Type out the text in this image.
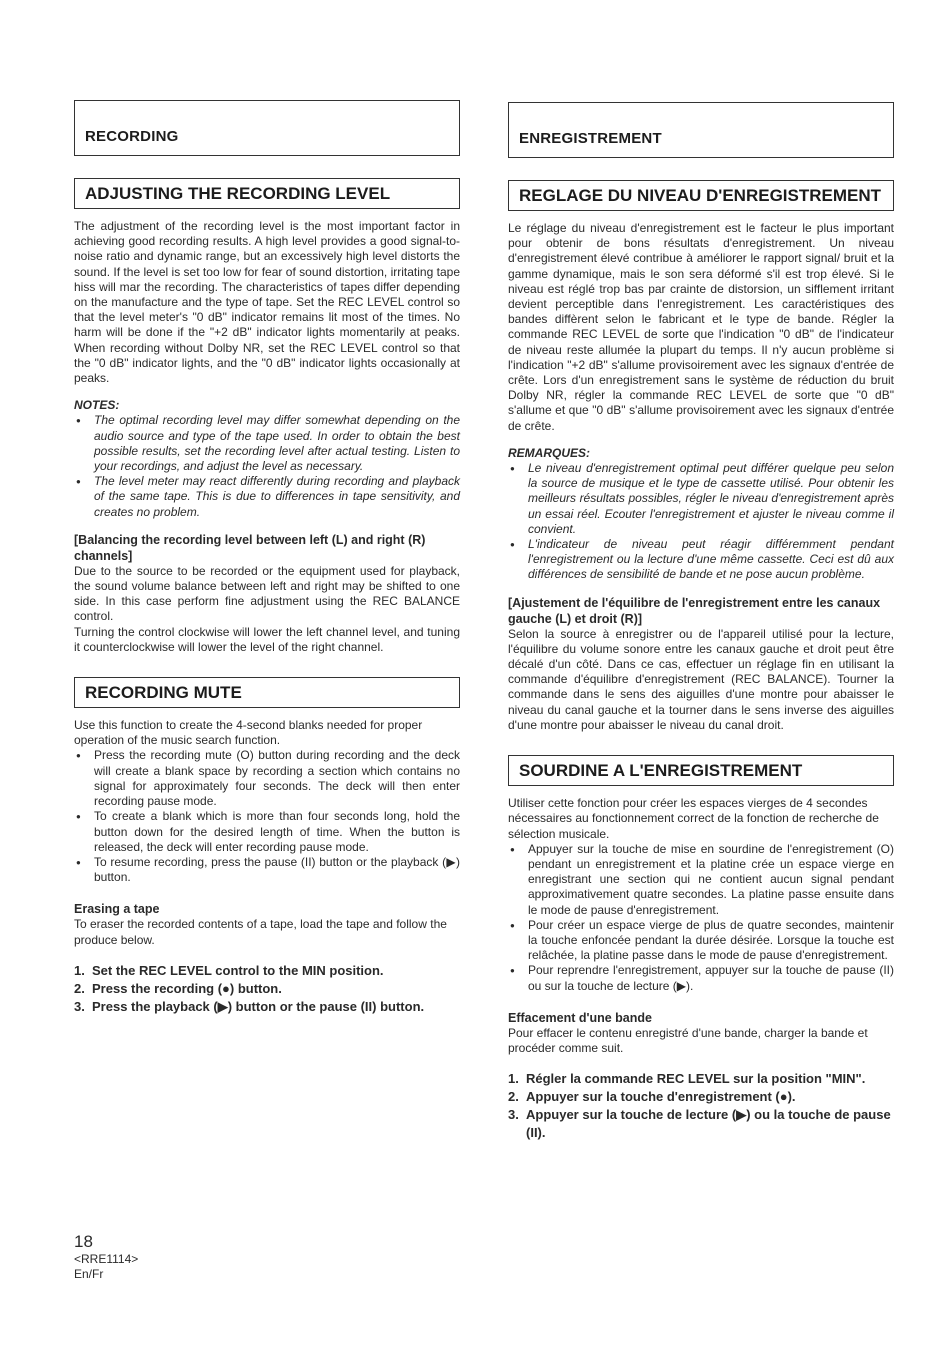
RECORDING
ADJUSTING THE RECORDING LEVEL

The adjustment of the recording level is the most important factor in achieving good recording results. A high level provides a good signal-to-noise ratio and dynamic range, but an excessively high level distorts the sound. If the level is set too low for fear of sound distortion, irritating tape hiss will mar the recording. The characteristics of tapes differ depending on the manufacture and the type of tape. Set the REC LEVEL control so that the level meter's "0 dB" indicator remains lit most of the times. No harm will be done if the "+2 dB" indicator lights momentarily at peaks. When recording without Dolby NR, set the REC LEVEL control so that the "0 dB" indicator lights, and the "0 dB" indicator lights occasionally at peaks.

NOTES:

● The optimal recording level may differ somewhat depending on the audio source and type of the tape used. In order to obtain the best possible results, set the recording level after actual testing. Listen to your recordings, and adjust the level as necessary.
● The level meter may react differently during recording and playback of the same tape. This is due to differences in tape sensitivity, and creates no problem.

[Balancing the recording level between left (L) and right (R) channels]

Due to the source to be recorded or the equipment used for playback, the sound volume balance between left and right may be shifted to one side. In this case perform fine adjustment using the REC BALANCE control.

Turning the control clockwise will lower the left channel level, and tuning it counterclockwise will lower the level of the right channel.

RECORDING MUTE

Use this function to create the 4-second blanks needed for proper operation of the music search function.

● Press the recording mute (O) button during recording and the deck will create a blank space by recording a section which contains no signal for approximately four seconds. The deck will then enter recording pause mode.
● To create a blank which is more than four seconds long, hold the button down for the desired length of time. When the button is released, the deck will enter recording pause mode.
● To resume recording, press the pause (II) button or the playback (▶) button.

Erasing a tape

To eraser the recorded contents of a tape, load the tape and follow the produce below.

1. Set the REC LEVEL control to the MIN position.
2. Press the recording (●) button.
3. Press the playback (▶) button or the pause (II) button.
ENREGISTREMENT
REGLAGE DU NIVEAU D'ENREGISTREMENT

Le réglage du niveau d'enregistrement est le facteur le plus important pour obtenir de bons résultats d'enregistrement. Un niveau d'enregistrement élevé contribue à améliorer le rapport signal/ bruit et la gamme dynamique, mais le son sera déformé s'il est trop élevé. Si le niveau est réglé trop bas par crainte de distorsion, un sifflement irritant devient perceptible dans l'enregistrement. Les caractéristiques des bandes diffèrent selon le fabricant et le type de bande. Régler la commande REC LEVEL de sorte que l'indication "0 dB" de l'indicateur de niveau reste allumée la plupart du temps. Il n'y aucun problème si l'indication "+2 dB" s'allume provisoirement avec les signaux d'entrée de crête. Lors d'un enregistrement sans le système de réduction du bruit Dolby NR, régler la commande REC LEVEL de sorte que "0 dB" s'allume et que "0 dB" s'allume provisoirement avec les signaux d'entrée de crête.

REMARQUES:

● Le niveau d'enregistrement optimal peut différer quelque peu selon la source de musique et le type de cassette utilisé. Pour obtenir les meilleurs résultats possibles, régler le niveau d'enregistrement après un essai réel. Ecouter l'enregistrement et ajuster le niveau comme il convient.
● L'indicateur de niveau peut réagir différemment pendant l'enregistrement ou la lecture d'une même cassette. Ceci est dû aux différences de sensibilité de bande et ne pose aucun problème.

[Ajustement de l'équilibre de l'enregistrement entre les canaux gauche (L) et droit (R)]

Selon la source à enregistrer ou de l'appareil utilisé pour la lecture, l'équilibre du volume sonore entre les canaux gauche et droit peut être décalé d'un côté. Dans ce cas, effectuer un réglage fin en utilisant la commande d'équilibre d'enregistrement (REC BALANCE). Tourner la commande dans le sens des aiguilles d'une montre pour abaisser le niveau du canal gauche et la tourner dans le sens inverse des aiguilles d'une montre pour abaisser le niveau du canal droit.

SOURDINE A L'ENREGISTREMENT

Utiliser cette fonction pour créer les espaces vierges de 4 secondes nécessaires au fonctionnement correct de la fonction de recherche de sélection musicale.

● Appuyer sur la touche de mise en sourdine de l'enregistrement (O) pendant un enregistrement et la platine crée un espace vierge en enregistrant une section qui ne contient aucun signal pendant approximativement quatre secondes. La platine passe ensuite dans le mode de pause d'enregistrement.
● Pour créer un espace vierge de plus de quatre secondes, maintenir la touche enfoncée pendant la durée désirée. Lorsque la touche est relâchée, la platine passe dans le mode de pause d'enregistrement.
● Pour reprendre l'enregistrement, appuyer sur la touche de pause (II) ou sur la touche de lecture (▶).

Effacement d'une bande

Pour effacer le contenu enregistré d'une bande, charger la bande et procéder comme suit.

1. Régler la commande REC LEVEL sur la position "MIN".
2. Appuyer sur la touche d'enregistrement (●).
3. Appuyer sur la touche de lecture (▶) ou la touche de pause (II).
18
<RRE1114>
En/Fr
